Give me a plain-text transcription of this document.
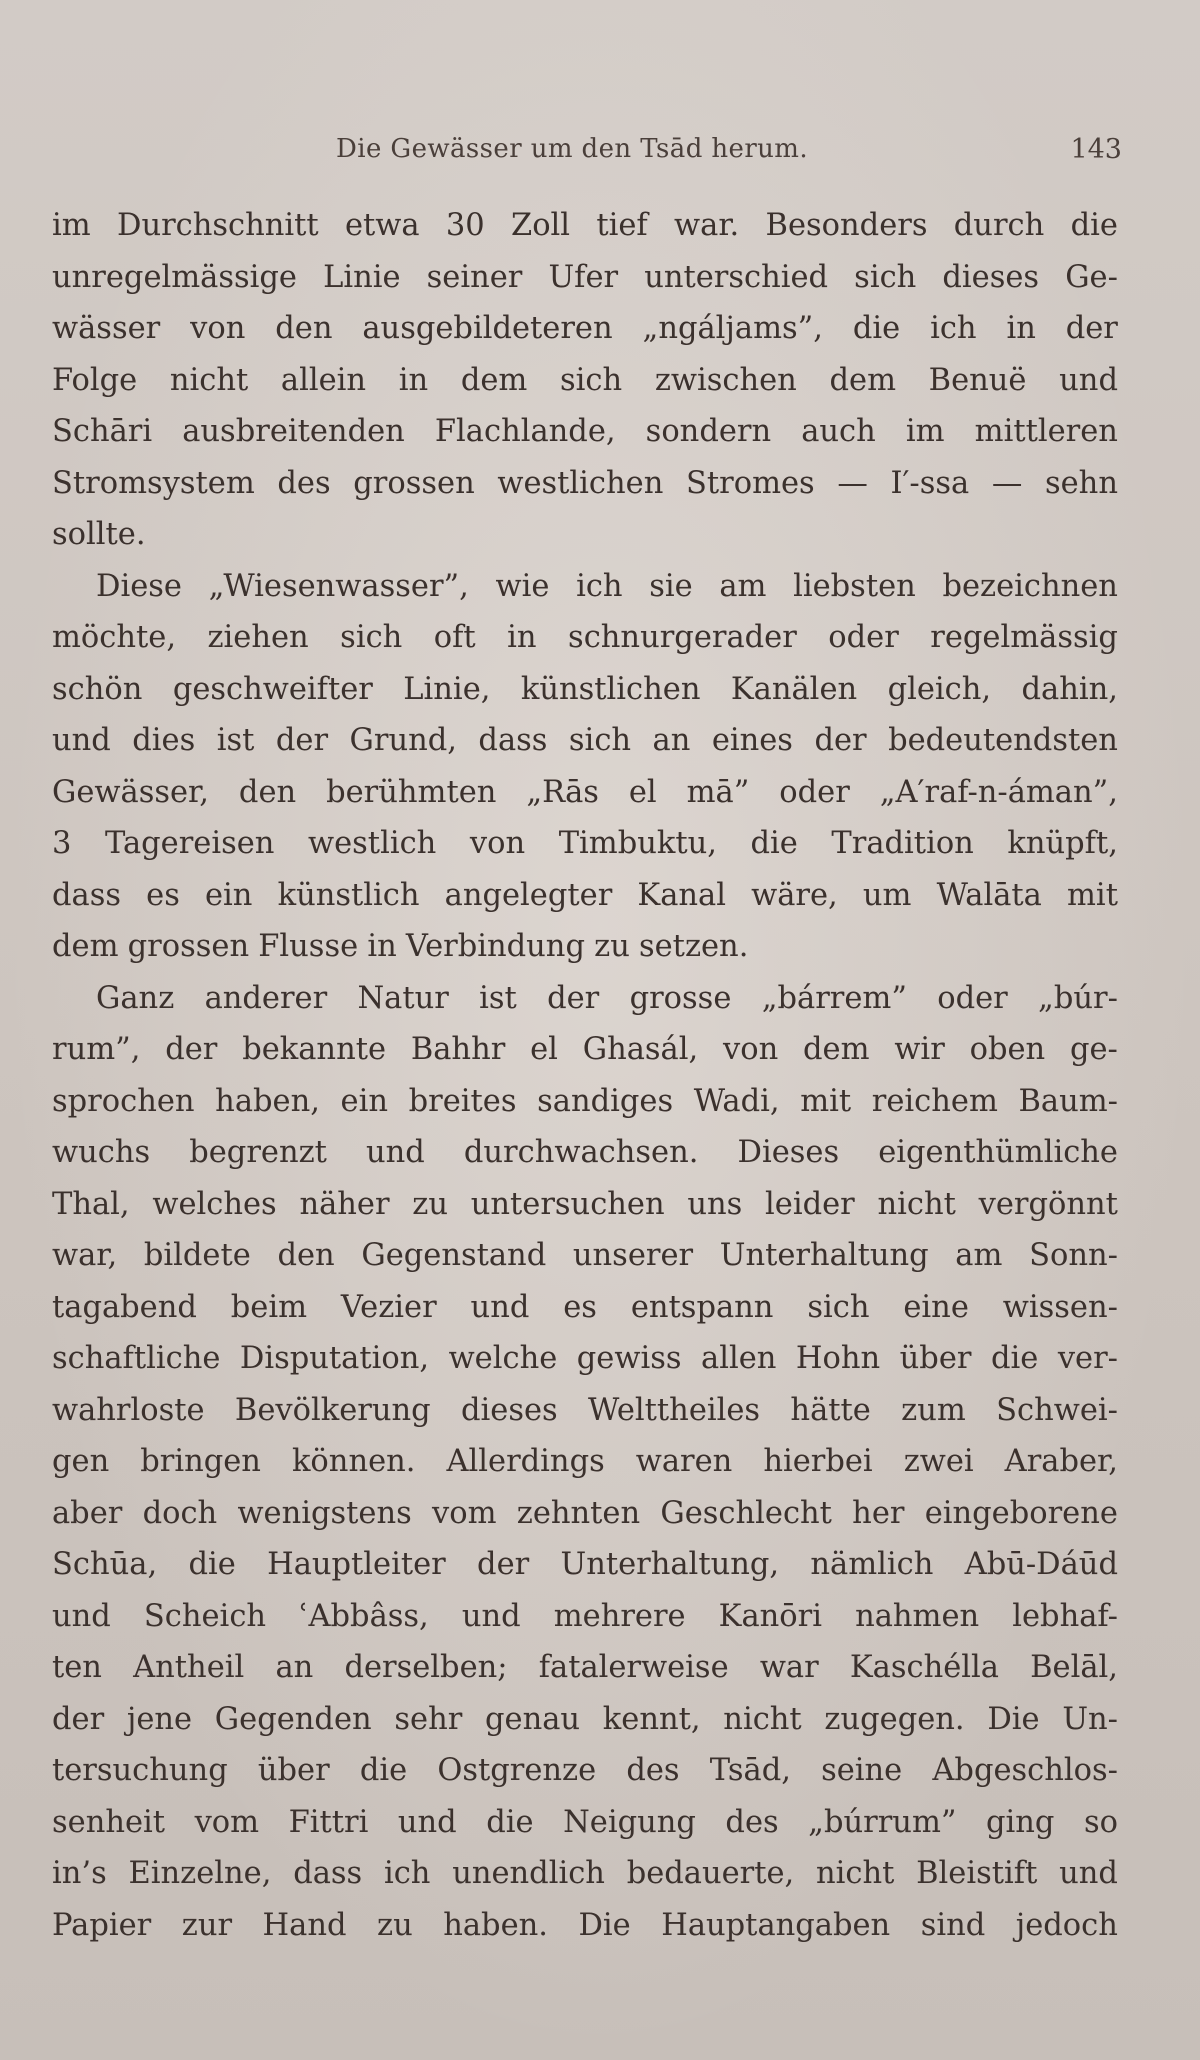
Die Gewässer um den Tsād herum.	143
im Durchschnitt etwa 30 Zoll tief war. Besonders durch die
unregelmässige Linie seiner Ufer unterschied sich dieses Ge-
wässer von den ausgebildeteren „ngáljams”, die ich in der
Folge nicht allein in dem sich zwischen dem Benuë und
Schāri ausbreitenden Flachlande, sondern auch im mittleren
Stromsystem des grossen westlichen Stromes — I′-ssa — sehn
sollte.
Diese „Wiesenwasser”, wie ich sie am liebsten bezeichnen
möchte, ziehen sich oft in schnurgerader oder regelmässig
schön geschweifter Linie, künstlichen Kanälen gleich, dahin,
und dies ist der Grund, dass sich an eines der bedeutendsten
Gewässer, den berühmten „Rās el mā” oder „A′raf-n-áman”,
3 Tagereisen westlich von Timbuktu, die Tradition knüpft,
dass es ein künstlich angelegter Kanal wäre, um Walāta mit
dem grossen Flusse in Verbindung zu setzen.
Ganz anderer Natur ist der grosse „bárrem” oder „búr-
rum”, der bekannte Bahhr el Ghasál, von dem wir oben ge-
sprochen haben, ein breites sandiges Wadi, mit reichem Baum-
wuchs begrenzt und durchwachsen. Dieses eigenthümliche
Thal, welches näher zu untersuchen uns leider nicht vergönnt
war, bildete den Gegenstand unserer Unterhaltung am Sonn-
tagabend beim Vezier und es entspann sich eine wissen-
schaftliche Disputation, welche gewiss allen Hohn über die ver-
wahrloste Bevölkerung dieses Welttheiles hätte zum Schwei-
gen bringen können. Allerdings waren hierbei zwei Araber,
aber doch wenigstens vom zehnten Geschlecht her eingeborene
Schūa, die Hauptleiter der Unterhaltung, nämlich Abū-Dáūd
und Scheich ʿAbbâss, und mehrere Kanōri nahmen lebhaf-
ten Antheil an derselben; fatalerweise war Kaschélla Belāl,
der jene Gegenden sehr genau kennt, nicht zugegen. Die Un-
tersuchung über die Ostgrenze des Tsād, seine Abgeschlos-
senheit vom Fittri und die Neigung des „búrrum” ging so
in’s Einzelne, dass ich unendlich bedauerte, nicht Bleistift und
Papier zur Hand zu haben. Die Hauptangaben sind jedoch
